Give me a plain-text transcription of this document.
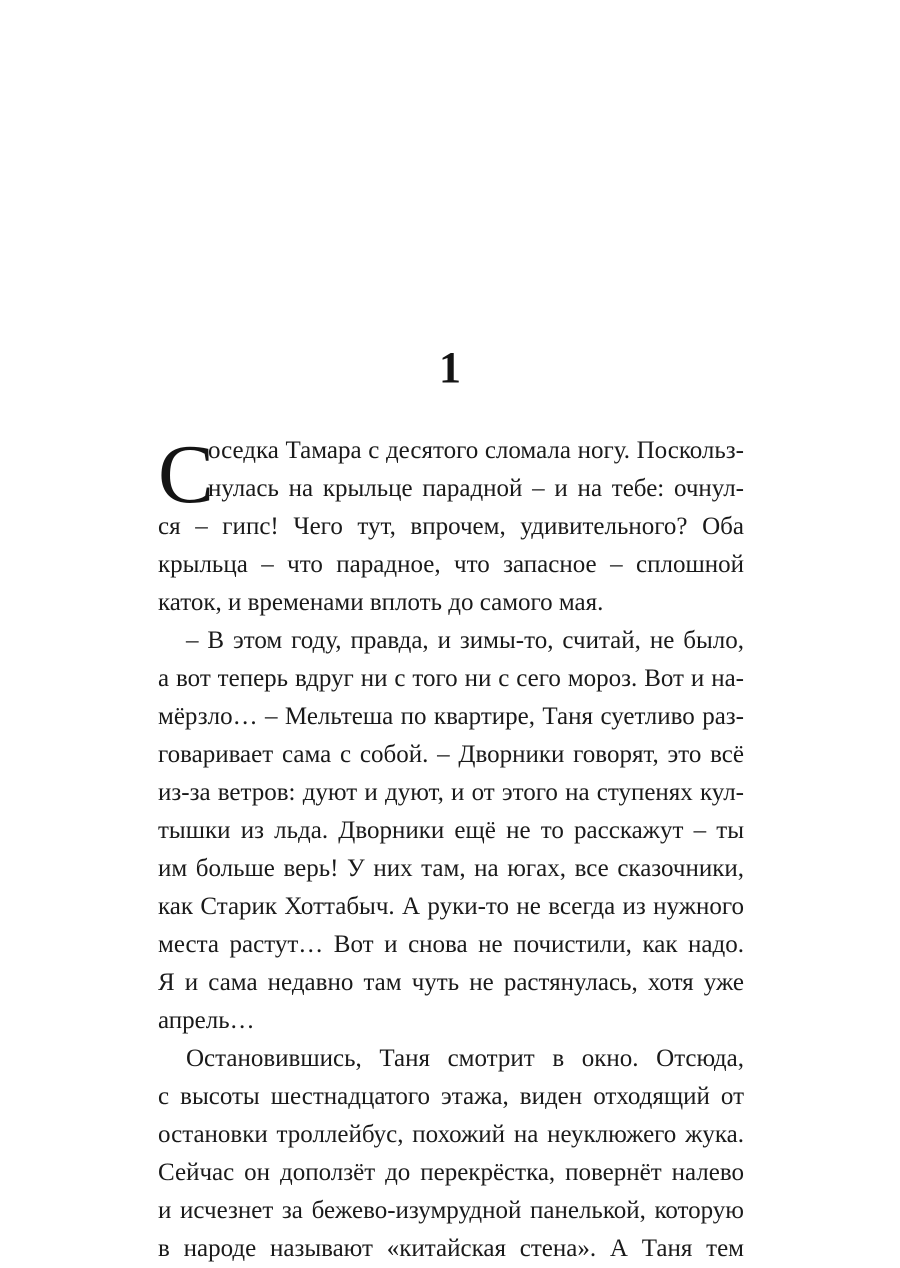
1
С
оседка Тамара с десятого сломала ногу. Поскольз-
нулась на крыльце парадной – и на тебе: очнул-
ся – гипс! Чего тут, впрочем, удивительного? Оба
крыльца – что парадное, что запасное – сплошной
каток, и временами вплоть до самого мая.
– В этом году, правда, и зимы-то, считай, не было,
а вот теперь вдруг ни с того ни с сего мороз. Вот и на-
мёрзло… – Мельтеша по квартире, Таня суетливо раз-
говаривает сама с собой. – Дворники говорят, это всё
из-за ветров: дуют и дуют, и от этого на ступенях кул-
тышки из льда. Дворники ещё не то расскажут – ты
им больше верь! У них там, на югах, все сказочники,
как Старик Хоттабыч. А руки-то не всегда из нужного
места растут… Вот и снова не почистили, как надо.
Я и сама недавно там чуть не растянулась, хотя уже
апрель…
Остановившись, Таня смотрит в окно. Отсюда,
с высоты шестнадцатого этажа, виден отходящий от
остановки троллейбус, похожий на неуклюжего жука.
Сейчас он доползёт до перекрёстка, повернёт налево
и исчезнет за бежево-изумрудной панелькой, которую
в народе называют «китайская стена». А Таня тем
